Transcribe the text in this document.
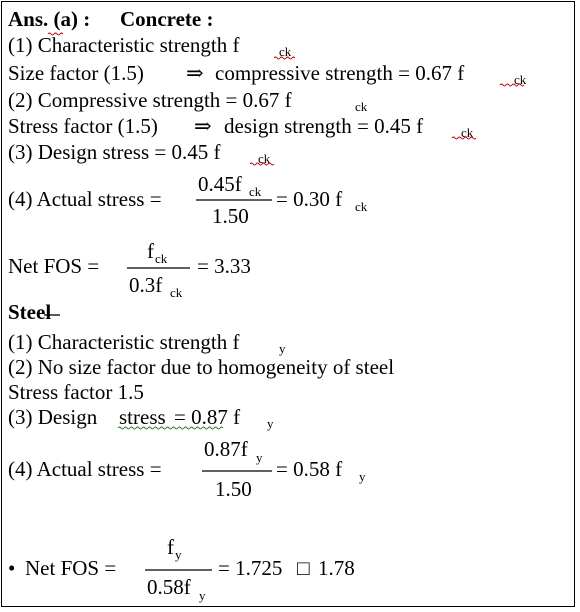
Ans. (a) : Concrete :
(1) Characteristic strength f	ck
Size factor (1.5) ⇒ compressive strength = 0.67 f	ck
(2) Compressive strength = 0.67 f	ck
Stress factor (1.5) ⇒ design strength = 0.45 f	ck
(3) Design stress = 0.45 f	ck
(4) Actual stress =
0.45f ck
1.50
= 0.30 f ck
Net FOS =
f ck
0.3f ck
= 3.33
Steel
(1) Characteristic strength f	y
(2) No size factor due to homogeneity of steel
Stress factor 1.5
(3) Design stress = 0.87 f y
(4) Actual stress =
0.87f y
1.50
= 0.58 f y
• Net FOS =
f y
0.58f y
= 1.725 □ 1.78
